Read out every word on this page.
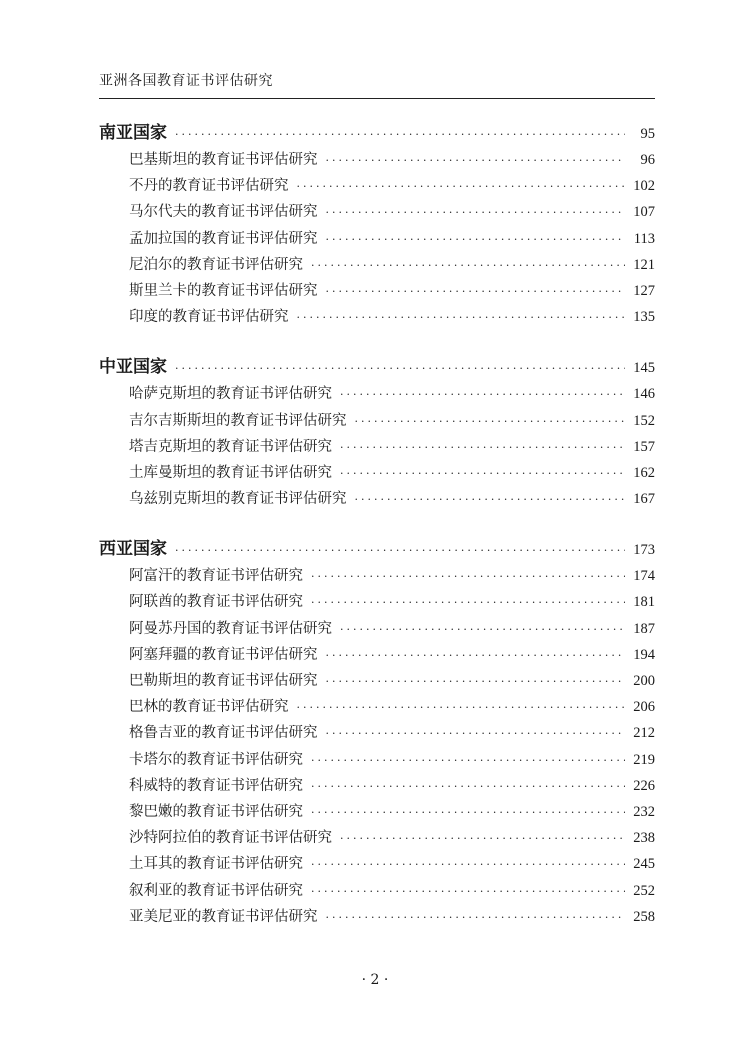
亚洲各国教育证书评估研究
南亚国家 ·····	95
巴基斯坦的教育证书评估研究 ·····	96
不丹的教育证书评估研究 ·····	102
马尔代夫的教育证书评估研究 ·····	107
孟加拉国的教育证书评估研究 ·····	113
尼泊尔的教育证书评估研究 ·····	121
斯里兰卡的教育证书评估研究 ·····	127
印度的教育证书评估研究 ·····	135
中亚国家 ·····	145
哈萨克斯坦的教育证书评估研究 ·····	146
吉尔吉斯斯坦的教育证书评估研究 ·····	152
塔吉克斯坦的教育证书评估研究 ·····	157
土库曼斯坦的教育证书评估研究 ·····	162
乌兹别克斯坦的教育证书评估研究 ·····	167
西亚国家 ·····	173
阿富汗的教育证书评估研究 ·····	174
阿联酋的教育证书评估研究 ·····	181
阿曼苏丹国的教育证书评估研究 ·····	187
阿塞拜疆的教育证书评估研究 ·····	194
巴勒斯坦的教育证书评估研究 ·····	200
巴林的教育证书评估研究 ·····	206
格鲁吉亚的教育证书评估研究 ·····	212
卡塔尔的教育证书评估研究 ·····	219
科威特的教育证书评估研究 ·····	226
黎巴嫩的教育证书评估研究 ·····	232
沙特阿拉伯的教育证书评估研究 ·····	238
土耳其的教育证书评估研究 ·····	245
叙利亚的教育证书评估研究 ·····	252
亚美尼亚的教育证书评估研究 ·····	258
· 2 ·
